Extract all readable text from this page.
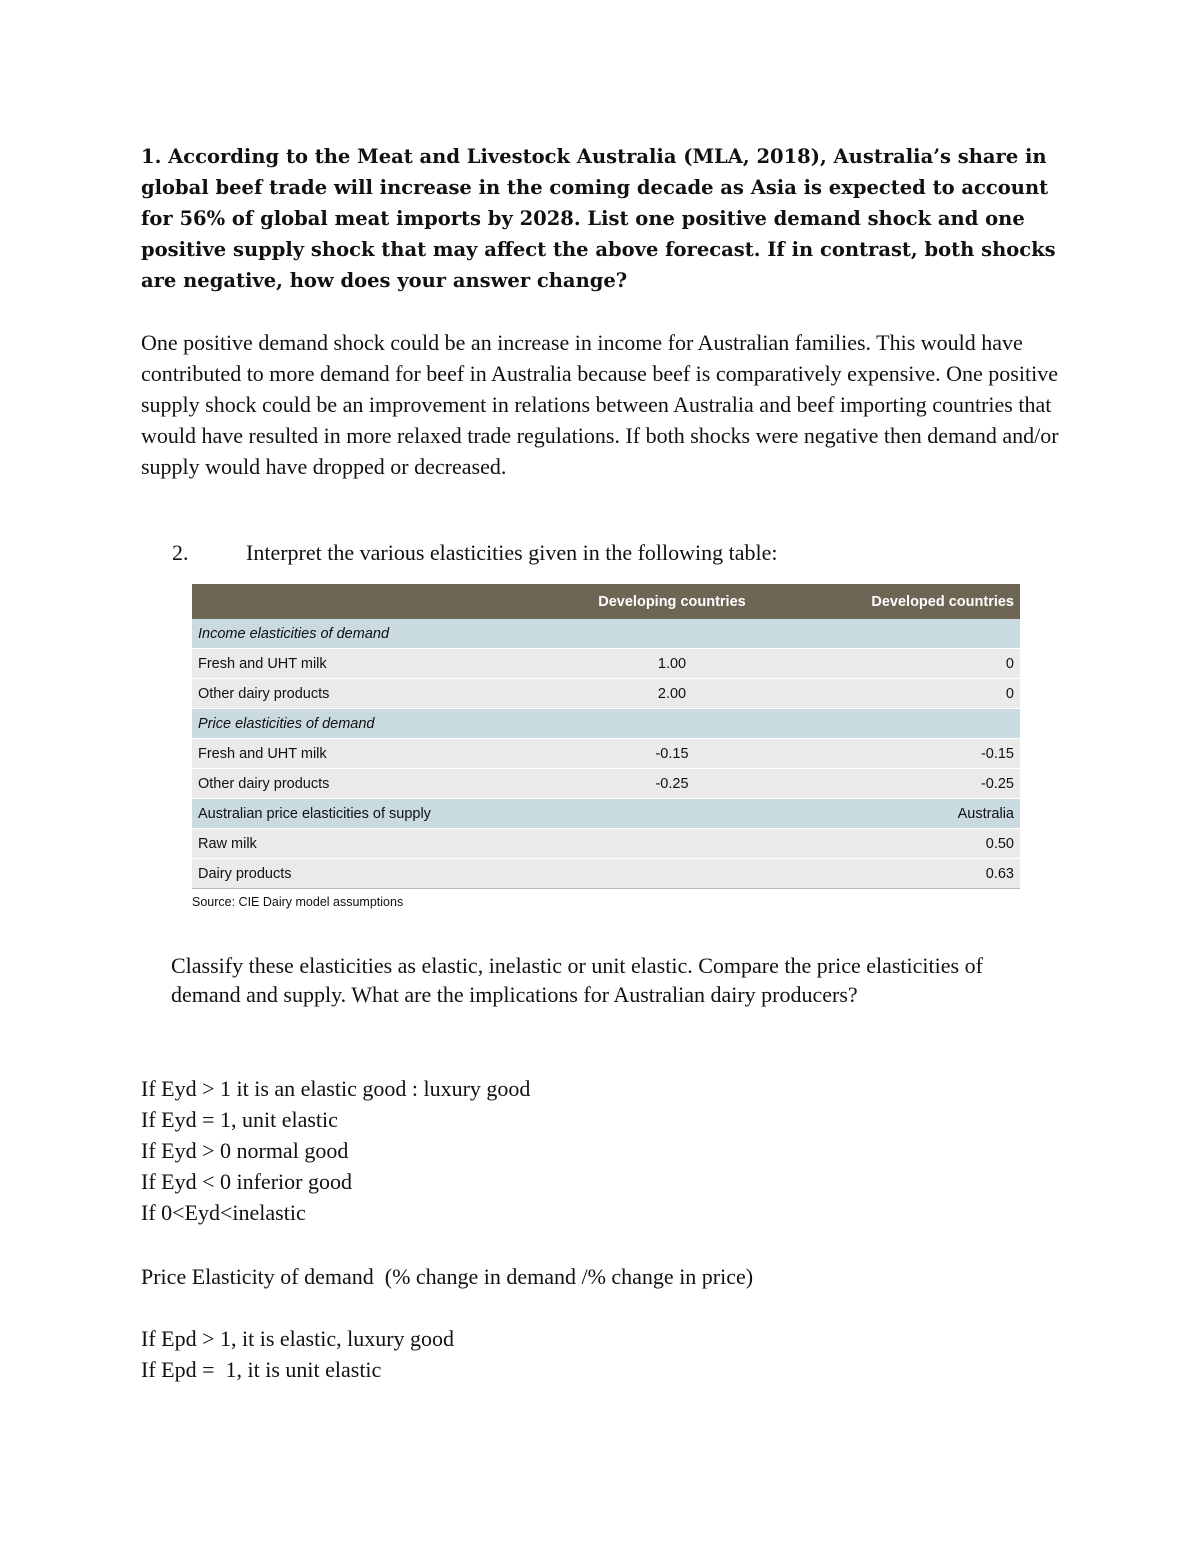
1. According to the Meat and Livestock Australia (MLA, 2018), Australia’s share in global beef trade will increase in the coming decade as Asia is expected to account for 56% of global meat imports by 2028. List one positive demand shock and one positive supply shock that may affect the above forecast. If in contrast, both shocks are negative, how does your answer change?

One positive demand shock could be an increase in income for Australian families. This would have contributed to more demand for beef in Australia because beef is comparatively expensive. One positive supply shock could be an improvement in relations between Australia and beef importing countries that would have resulted in more relaxed trade regulations. If both shocks were negative then demand and/or supply would have dropped or decreased.

2.	Interpret the various elasticities given in the following table:

	Developing countries	Developed countries
Income elasticities of demand		
Fresh and UHT milk	1.00	0
Other dairy products	2.00	0
Price elasticities of demand		
Fresh and UHT milk	-0.15	-0.15
Other dairy products	-0.25	-0.25
Australian price elasticities of supply		Australia
Raw milk		0.50
Dairy products		0.63

Source: CIE Dairy model assumptions

Classify these elasticities as elastic, inelastic or unit elastic. Compare the price elasticities of demand and supply. What are the implications for Australian dairy producers?

If Eyd > 1 it is an elastic good : luxury good
If Eyd = 1, unit elastic
If Eyd > 0 normal good
If Eyd < 0 inferior good
If 0<Eyd<inelastic
Price Elasticity of demand  (% change in demand /% change in price)
If Epd > 1, it is elastic, luxury good
If Epd =  1, it is unit elastic
